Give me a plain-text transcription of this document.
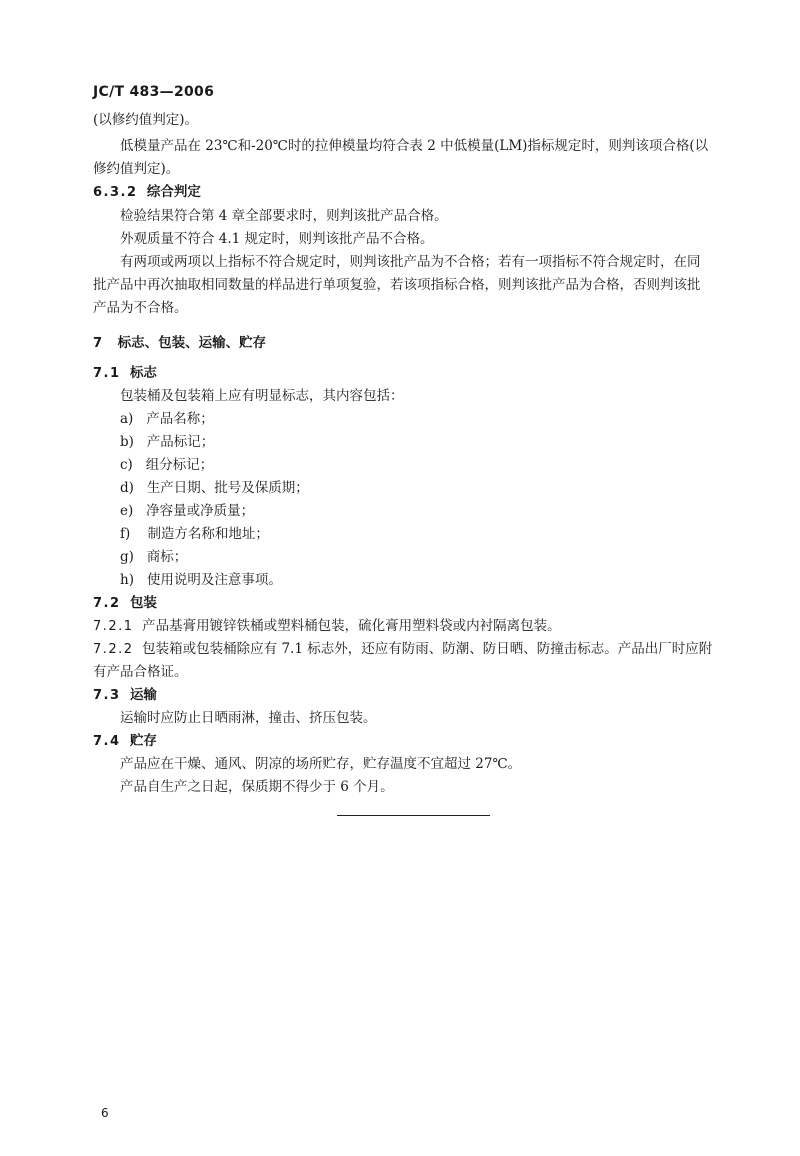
JC/T 483—2006
(以修约值判定)。
低模量产品在 23℃和-20℃时的拉伸模量均符合表 2 中低模量(LM)指标规定时，则判该项合格(以
修约值判定)。
6.3.2 综合判定
检验结果符合第 4 章全部要求时，则判该批产品合格。
外观质量不符合 4.1 规定时，则判该批产品不合格。
有两项或两项以上指标不符合规定时，则判该批产品为不合格；若有一项指标不符合规定时，在同
批产品中再次抽取相同数量的样品进行单项复验，若该项指标合格，则判该批产品为合格，否则判该批
产品为不合格。
7 标志、包装、运输、贮存
7.1 标志
包装桶及包装箱上应有明显标志，其内容包括：
a) 产品名称；
b) 产品标记；
c) 组分标记；
d) 生产日期、批号及保质期；
e) 净容量或净质量；
f) 制造方名称和地址；
g) 商标；
h) 使用说明及注意事项。
7.2 包装
7.2.1 产品基膏用镀锌铁桶或塑料桶包装，硫化膏用塑料袋或内衬隔离包装。
7.2.2 包装箱或包装桶除应有 7.1 标志外，还应有防雨、防潮、防日晒、防撞击标志。产品出厂时应附
有产品合格证。
7.3 运输
运输时应防止日晒雨淋，撞击、挤压包装。
7.4 贮存
产品应在干燥、通风、阴凉的场所贮存，贮存温度不宜超过 27℃。
产品自生产之日起，保质期不得少于 6 个月。
6
